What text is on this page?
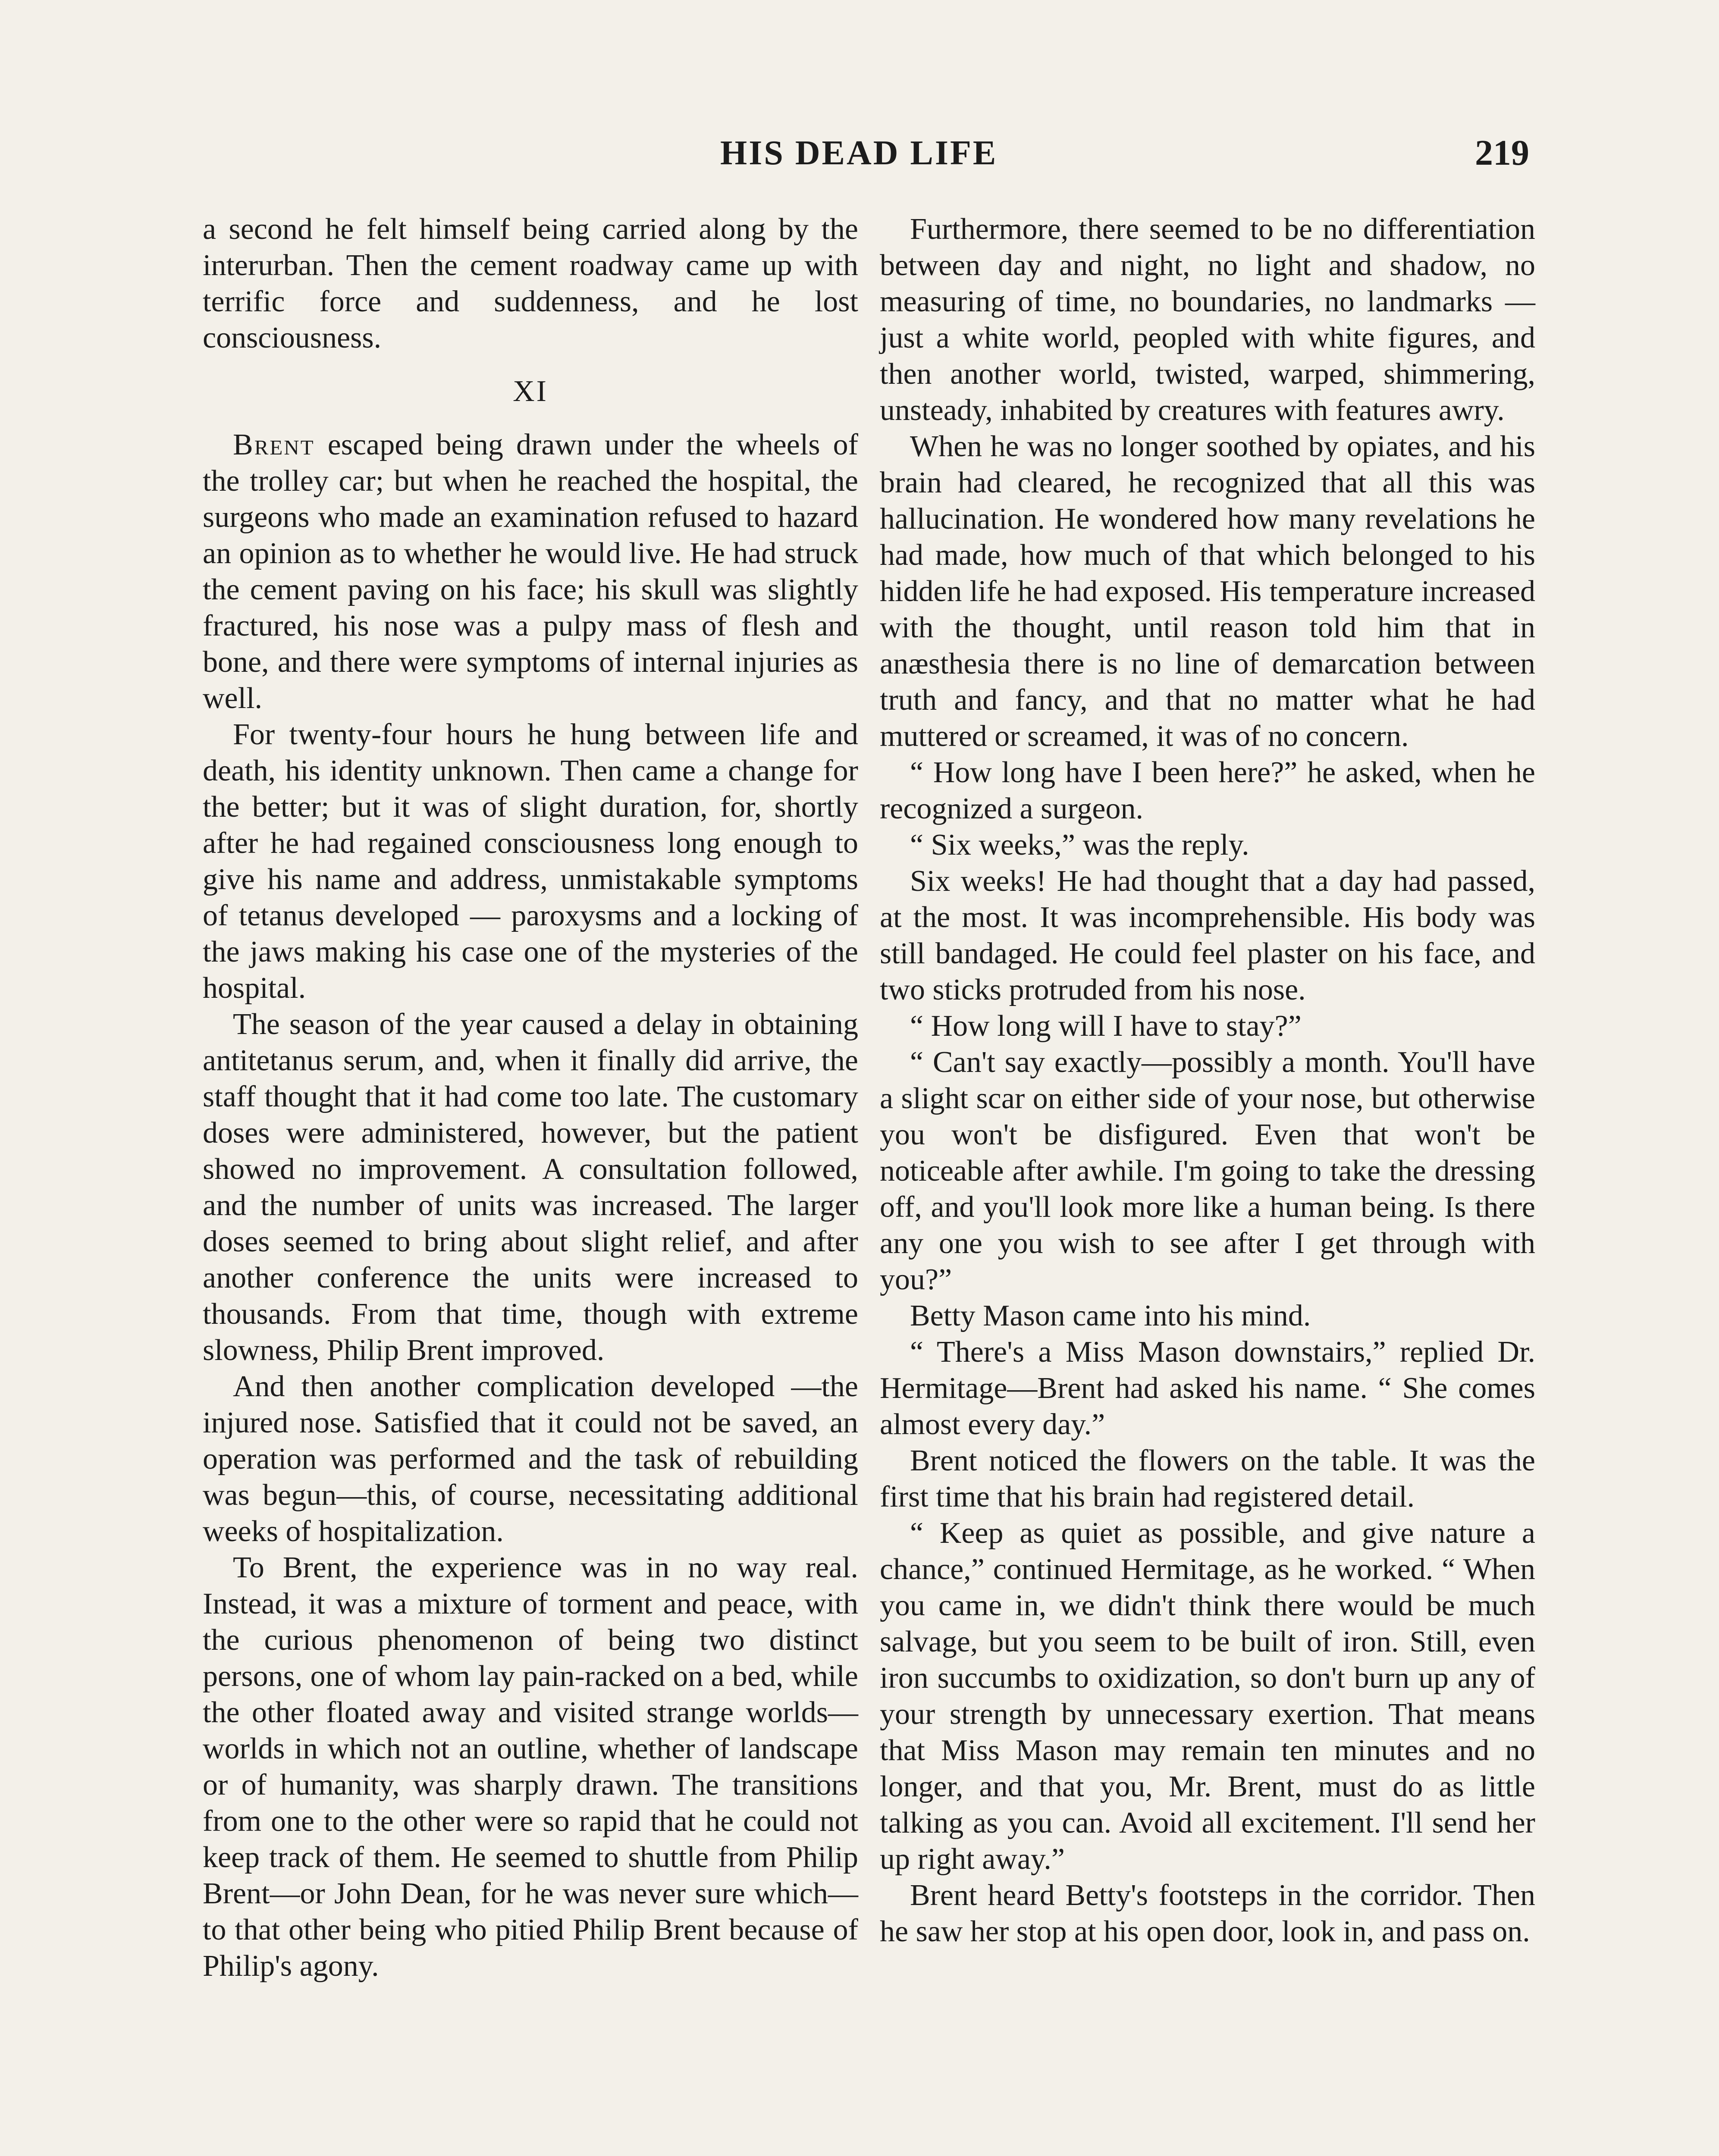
HIS DEAD LIFE	219

a second he felt himself being carried along by the interurban. Then the cement roadway came up with terrific force and suddenness, and he lost consciousness.

XI

Brent escaped being drawn under the wheels of the trolley car; but when he reached the hospital, the surgeons who made an examination refused to hazard an opinion as to whether he would live. He had struck the cement paving on his face; his skull was slightly fractured, his nose was a pulpy mass of flesh and bone, and there were symptoms of internal injuries as well.

For twenty-four hours he hung between life and death, his identity unknown. Then came a change for the better; but it was of slight duration, for, shortly after he had regained consciousness long enough to give his name and address, unmistakable symptoms of tetanus developed — paroxysms and a locking of the jaws making his case one of the mysteries of the hospital.

The season of the year caused a delay in obtaining antitetanus serum, and, when it finally did arrive, the staff thought that it had come too late. The customary doses were administered, however, but the patient showed no improvement. A consultation followed, and the number of units was increased. The larger doses seemed to bring about slight relief, and after another conference the units were increased to thousands. From that time, though with extreme slowness, Philip Brent improved.

And then another complication developed —the injured nose. Satisfied that it could not be saved, an operation was performed and the task of rebuilding was begun—this, of course, necessitating additional weeks of hospitalization.

To Brent, the experience was in no way real. Instead, it was a mixture of torment and peace, with the curious phenomenon of being two distinct persons, one of whom lay pain-racked on a bed, while the other floated away and visited strange worlds— worlds in which not an outline, whether of landscape or of humanity, was sharply drawn. The transitions from one to the other were so rapid that he could not keep track of them. He seemed to shuttle from Philip Brent—or John Dean, for he was never sure which—to that other being who pitied Philip Brent because of Philip's agony.

Furthermore, there seemed to be no differentiation between day and night, no light and shadow, no measuring of time, no boundaries, no landmarks — just a white world, peopled with white figures, and then another world, twisted, warped, shimmering, unsteady, inhabited by creatures with features awry.

When he was no longer soothed by opiates, and his brain had cleared, he recognized that all this was hallucination. He wondered how many revelations he had made, how much of that which belonged to his hidden life he had exposed. His temperature increased with the thought, until reason told him that in anæsthesia there is no line of demarcation between truth and fancy, and that no matter what he had muttered or screamed, it was of no concern.

“ How long have I been here?” he asked, when he recognized a surgeon.

“ Six weeks,” was the reply.

Six weeks! He had thought that a day had passed, at the most. It was incomprehensible. His body was still bandaged. He could feel plaster on his face, and two sticks protruded from his nose.

“ How long will I have to stay?”

“ Can't say exactly—possibly a month. You'll have a slight scar on either side of your nose, but otherwise you won't be disfigured. Even that won't be noticeable after awhile. I'm going to take the dressing off, and you'll look more like a human being. Is there any one you wish to see after I get through with you?”

Betty Mason came into his mind.

“ There's a Miss Mason downstairs,” replied Dr. Hermitage—Brent had asked his name. “ She comes almost every day.”

Brent noticed the flowers on the table. It was the first time that his brain had registered detail.

“ Keep as quiet as possible, and give nature a chance,” continued Hermitage, as he worked. “ When you came in, we didn't think there would be much salvage, but you seem to be built of iron. Still, even iron succumbs to oxidization, so don't burn up any of your strength by unnecessary exertion. That means that Miss Mason may remain ten minutes and no longer, and that you, Mr. Brent, must do as little talking as you can. Avoid all excitement. I'll send her up right away.”

Brent heard Betty's footsteps in the corridor. Then he saw her stop at his open door, look in, and pass on.
